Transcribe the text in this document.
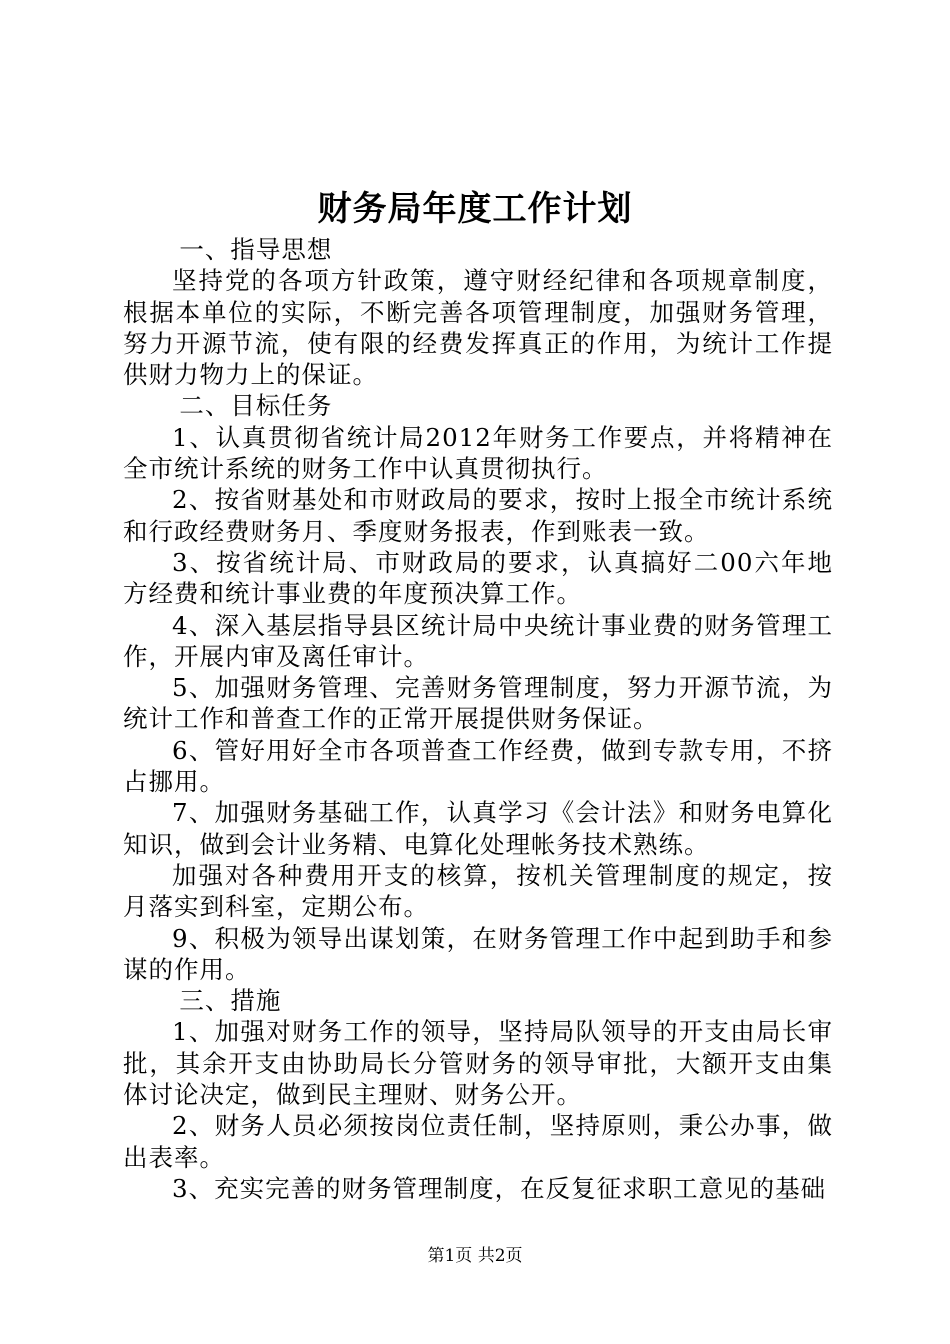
财务局年度工作计划

一、指导思想

坚持党的各项方针政策，遵守财经纪律和各项规章制度，根据本单位的实际，不断完善各项管理制度，加强财务管理，努力开源节流，使有限的经费发挥真正的作用，为统计工作提供财力物力上的保证。

二、目标任务

1、认真贯彻省统计局2012年财务工作要点，并将精神在全市统计系统的财务工作中认真贯彻执行。

2、按省财基处和市财政局的要求，按时上报全市统计系统和行政经费财务月、季度财务报表，作到账表一致。

3、按省统计局、市财政局的要求，认真搞好二00六年地方经费和统计事业费的年度预决算工作。

4、深入基层指导县区统计局中央统计事业费的财务管理工作，开展内审及离任审计。

5、加强财务管理、完善财务管理制度，努力开源节流，为统计工作和普查工作的正常开展提供财务保证。

6、管好用好全市各项普查工作经费，做到专款专用，不挤占挪用。

7、加强财务基础工作，认真学习《会计法》和财务电算化知识，做到会计业务精、电算化处理帐务技术熟练。

加强对各种费用开支的核算，按机关管理制度的规定，按月落实到科室，定期公布。

9、积极为领导出谋划策，在财务管理工作中起到助手和参谋的作用。

三、措施

1、加强对财务工作的领导，坚持局队领导的开支由局长审批，其余开支由协助局长分管财务的领导审批，大额开支由集体讨论决定，做到民主理财、财务公开。

2、财务人员必须按岗位责任制，坚持原则，秉公办事，做出表率。

3、充实完善的财务管理制度，在反复征求职工意见的基础

第1页 共2页
